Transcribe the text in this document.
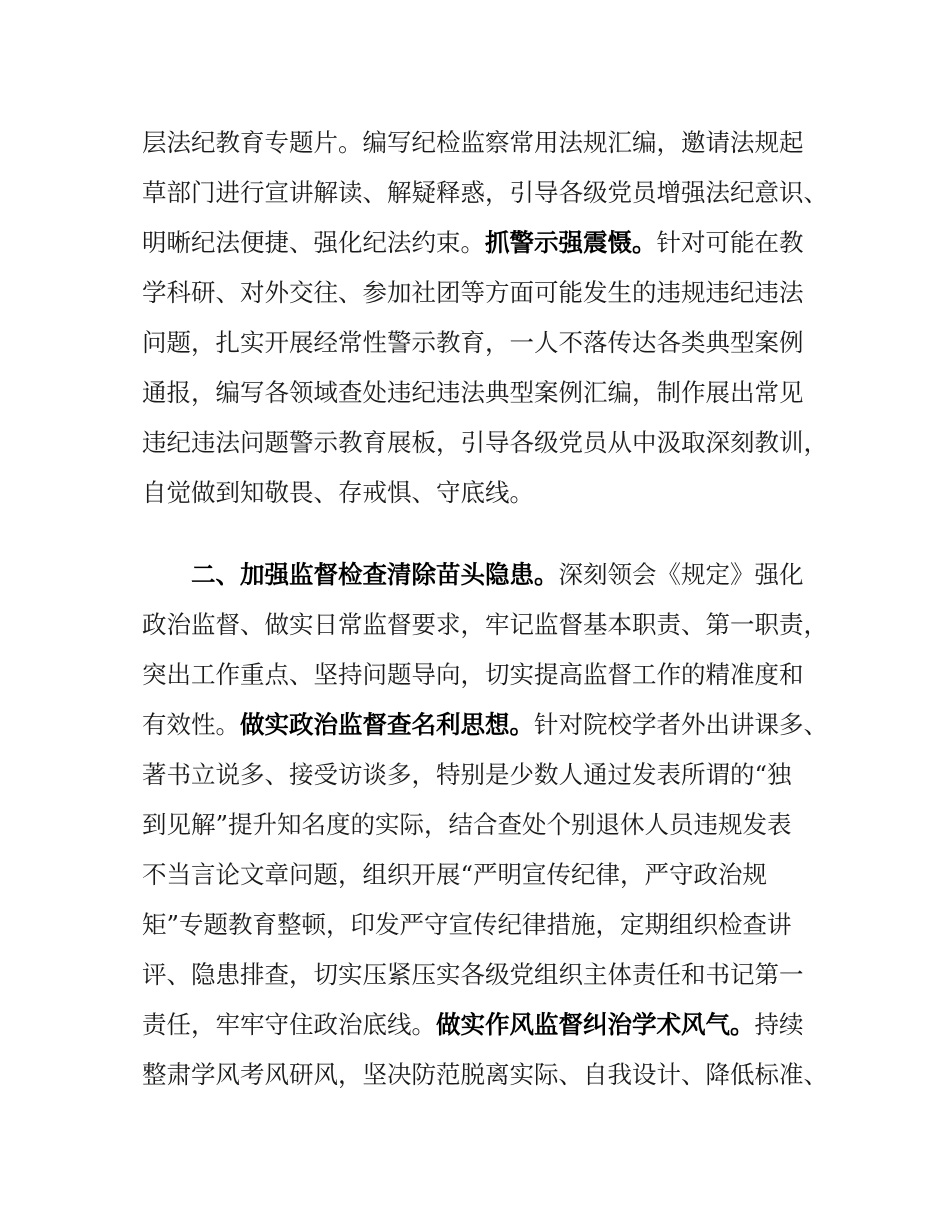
层法纪教育专题片。编写纪检监察常用法规汇编，邀请法规起
草部门进行宣讲解读、解疑释惑，引导各级党员增强法纪意识、
明晰纪法便捷、强化纪法约束。抓警示强震慑。针对可能在教
学科研、对外交往、参加社团等方面可能发生的违规违纪违法
问题，扎实开展经常性警示教育，一人不落传达各类典型案例
通报，编写各领域查处违纪违法典型案例汇编，制作展出常见
违纪违法问题警示教育展板，引导各级党员从中汲取深刻教训，
自觉做到知敬畏、存戒惧、守底线。
二、加强监督检查清除苗头隐患。深刻领会《规定》强化
政治监督、做实日常监督要求，牢记监督基本职责、第一职责，
突出工作重点、坚持问题导向，切实提高监督工作的精准度和
有效性。做实政治监督查名利思想。针对院校学者外出讲课多、
著书立说多、接受访谈多，特别是少数人通过发表所谓的“独
到见解”提升知名度的实际，结合查处个别退休人员违规发表
不当言论文章问题，组织开展“严明宣传纪律，严守政治规
矩”专题教育整顿，印发严守宣传纪律措施，定期组织检查讲
评、隐患排查，切实压紧压实各级党组织主体责任和书记第一
责任，牢牢守住政治底线。做实作风监督纠治学术风气。持续
整肃学风考风研风，坚决防范脱离实际、自我设计、降低标准、
